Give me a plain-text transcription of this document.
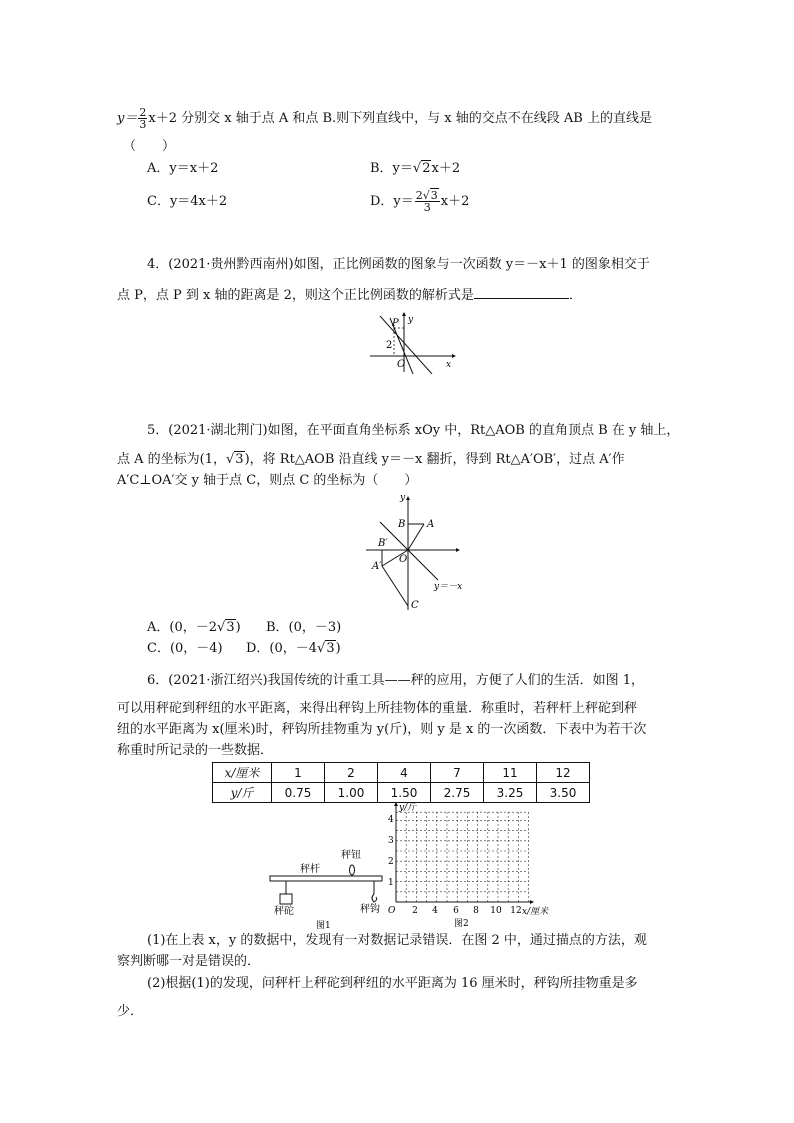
$y= \frac{2}{3} x+2$ 分别交 x 轴于点 A 和点 B.则下列直线中，与 x 轴的交点不在线段 AB 上的直线是
（　　）
A．y＝x＋2	B．y＝√2x＋2
C．y＝4x＋2	D．$y= \frac{2√3}{3} x+2$
4．(2021·贵州黔西南州)如图，正比例函数的图象与一次函数 y＝－x＋1 的图象相交于
点 P，点 P 到 x 轴的距离是 2，则这个正比例函数的解析式是	．
P y
x
O
2
5．(2021·湖北荆门)如图，在平面直角坐标系 xOy 中，Rt△AOB 的直角顶点 B 在 y 轴上，
点 A 的坐标为(1，√3)，将 Rt△AOB 沿直线 y＝－x 翻折，得到 Rt△A′OB′，过点 A′作
A′C⊥OA′交 y 轴于点 C，则点 C 的坐标为（　　）
y
B A
B′
A′
O
y＝－x
C
A．(0，－2√3) B．(0，－3)
C．(0，－4) D．(0，－4√3)
6．(2021·浙江绍兴)我国传统的计重工具——秤的应用，方便了人们的生活．如图 1，
可以用秤砣到秤纽的水平距离，来得出秤钩上所挂物体的重量．称重时，若秤杆上秤砣到秤
纽的水平距离为 x(厘米)时，秤钩所挂物重为 y(斤)，则 y 是 x 的一次函数．下表中为若干次
称重时所记录的一些数据．
x/厘米	1	2	4	7	11	12
y/斤	0.75	1.00	1.50	2.75	3.25	3.50
秤杆
秤钮
秤砣	秤钩
图1
y/斤
x/厘米
O
1
2
3
4
2 4 6 8 10 12
图2
(1)在上表 x，y 的数据中，发现有一对数据记录错误．在图 2 中，通过描点的方法，观
察判断哪一对是错误的．
(2)根据(1)的发现，问秤杆上秤砣到秤纽的水平距离为 16 厘米时，秤钩所挂物重是多
少．
